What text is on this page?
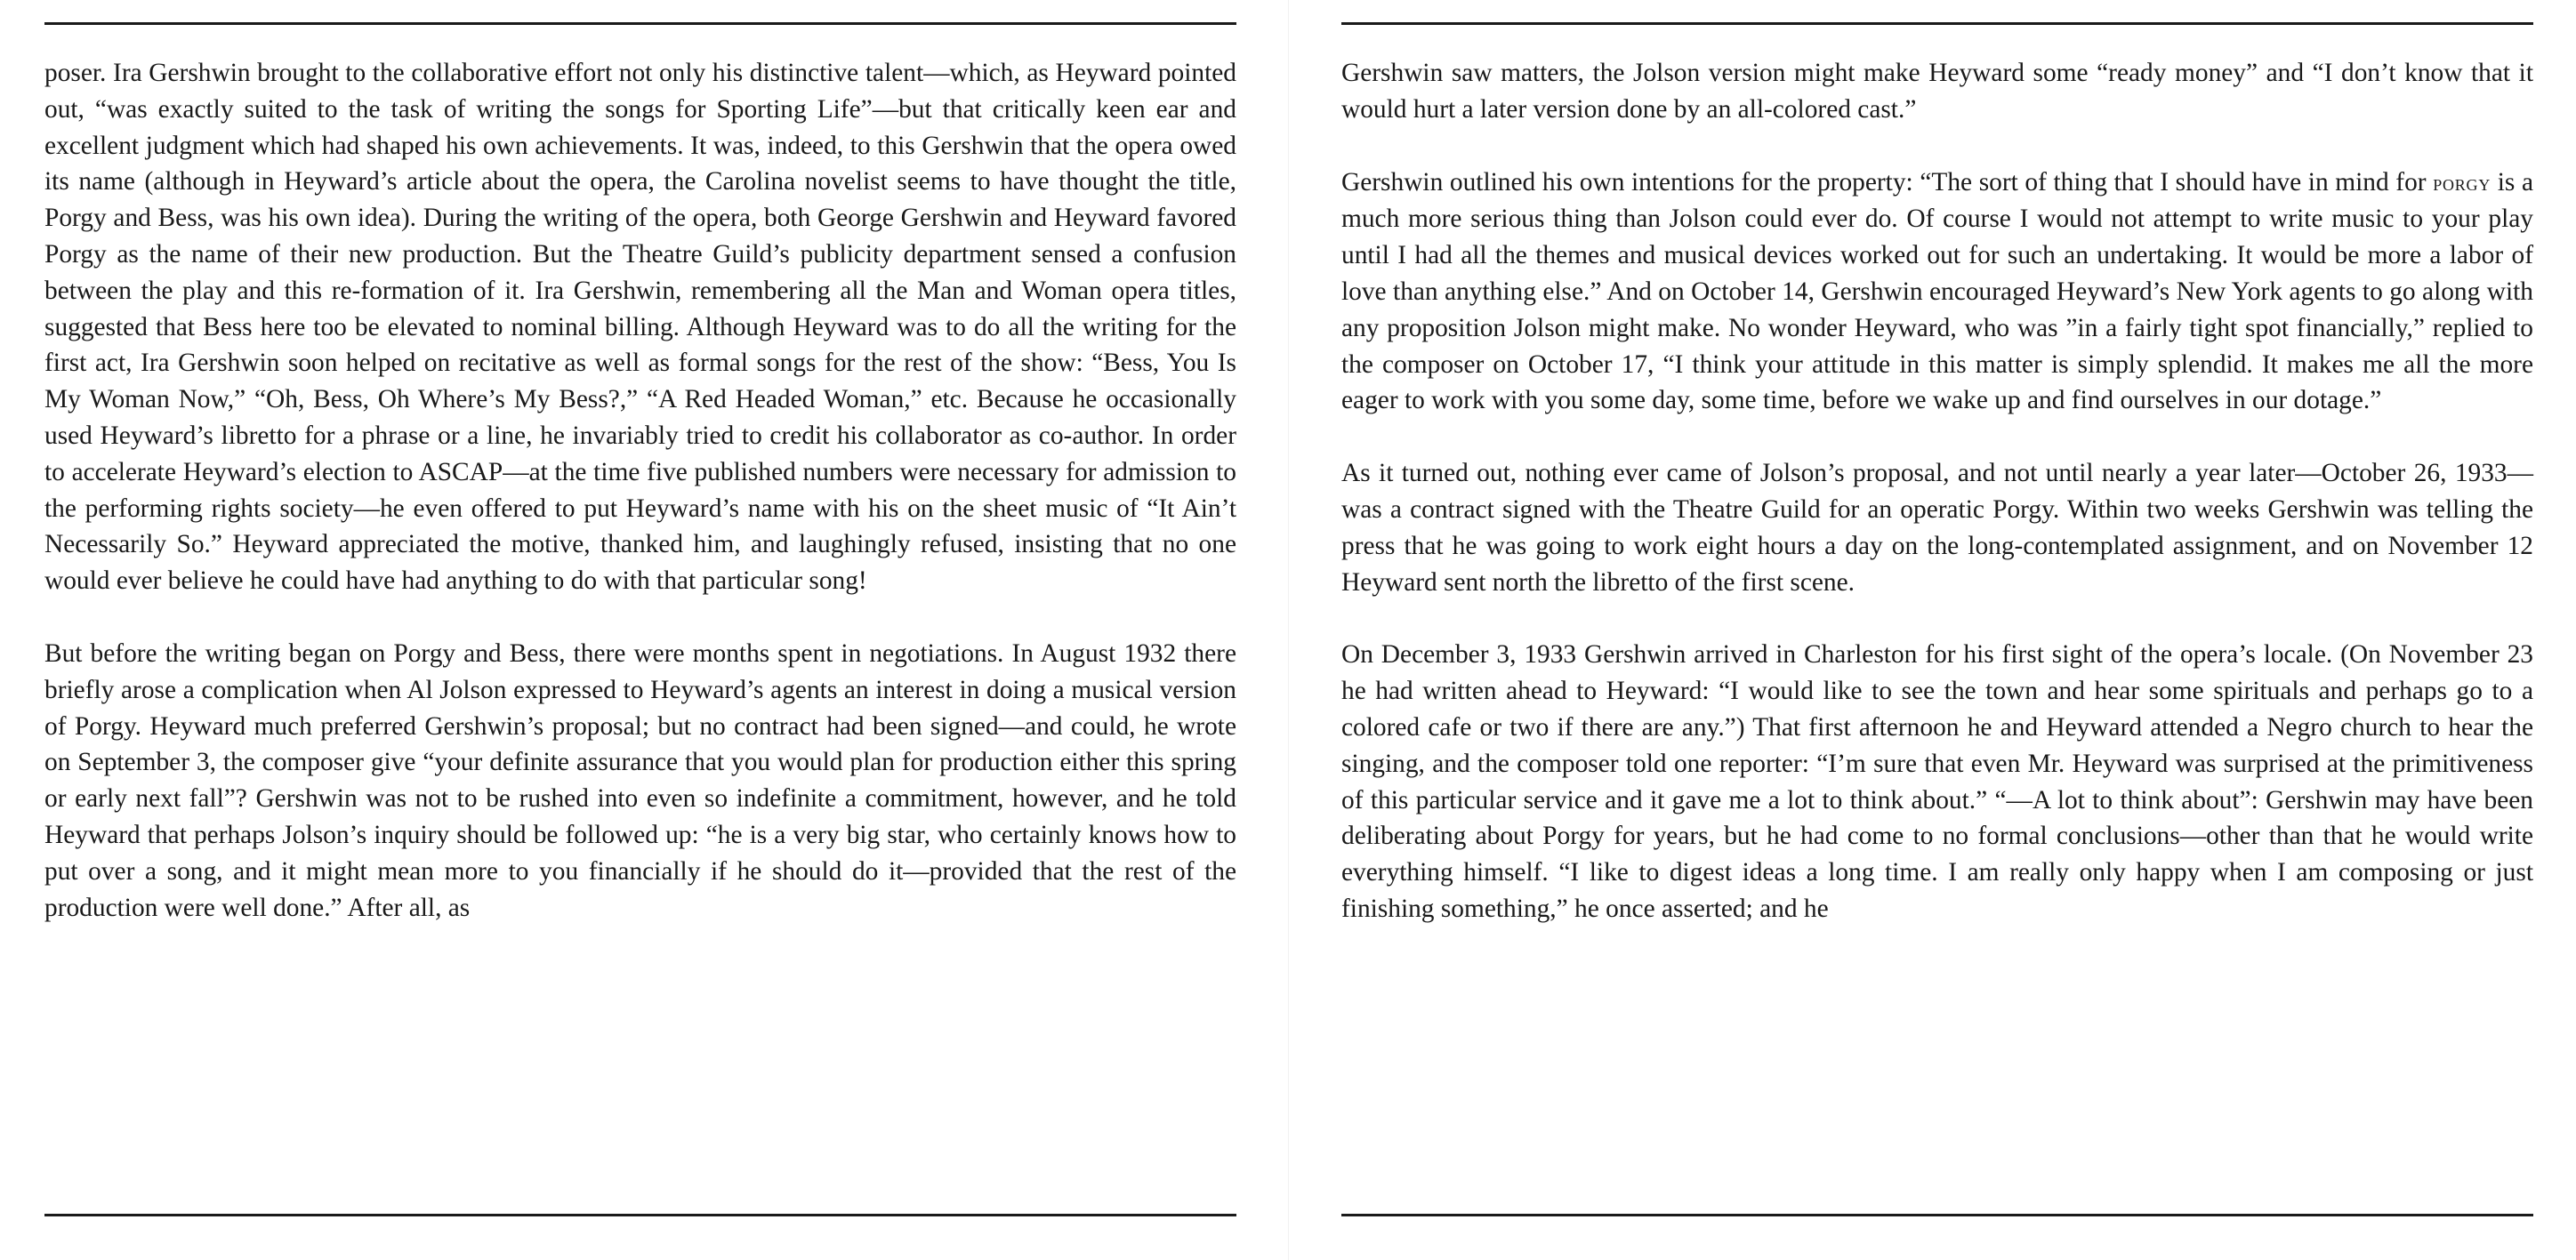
poser. Ira Gershwin brought to the collaborative effort not only his distinctive talent—which, as Heyward pointed out, “was exactly suited to the task of writing the songs for Sporting Life”—but that critically keen ear and excellent judgment which had shaped his own achievements. It was, indeed, to this Gershwin that the opera owed its name (although in Heyward’s article about the opera, the Carolina novelist seems to have thought the title, Porgy and Bess, was his own idea). During the writing of the opera, both George Gershwin and Heyward favored Porgy as the name of their new production. But the Theatre Guild’s publicity department sensed a confusion between the play and this re-formation of it. Ira Gershwin, remembering all the Man and Woman opera titles, suggested that Bess here too be elevated to nominal billing. Although Heyward was to do all the writing for the first act, Ira Gershwin soon helped on recitative as well as formal songs for the rest of the show: “Bess, You Is My Woman Now,” “Oh, Bess, Oh Where’s My Bess?,” “A Red Headed Woman,” etc. Because he occasionally used Heyward’s libretto for a phrase or a line, he invariably tried to credit his collaborator as co-author. In order to accelerate Heyward’s election to ASCAP—at the time five published numbers were necessary for admission to the performing rights society—he even offered to put Heyward’s name with his on the sheet music of “It Ain’t Necessarily So.” Heyward appreciated the motive, thanked him, and laughingly refused, insisting that no one would ever believe he could have had anything to do with that particular song!

But before the writing began on Porgy and Bess, there were months spent in negotiations. In August 1932 there briefly arose a complication when Al Jolson expressed to Heyward’s agents an interest in doing a musical version of Porgy. Heyward much preferred Gershwin’s proposal; but no contract had been signed—and could, he wrote on September 3, the composer give “your definite assurance that you would plan for production either this spring or early next fall”? Gershwin was not to be rushed into even so indefinite a commitment, however, and he told Heyward that perhaps Jolson’s inquiry should be followed up: “he is a very big star, who certainly knows how to put over a song, and it might mean more to you financially if he should do it—provided that the rest of the production were well done.” After all, as

Gershwin saw matters, the Jolson version might make Heyward some “ready money” and “I don’t know that it would hurt a later version done by an all-colored cast.”

Gershwin outlined his own intentions for the property: “The sort of thing that I should have in mind for porgy is a much more serious thing than Jolson could ever do. Of course I would not attempt to write music to your play until I had all the themes and musical devices worked out for such an undertaking. It would be more a labor of love than anything else.” And on October 14, Gershwin encouraged Heyward’s New York agents to go along with any proposition Jolson might make. No wonder Heyward, who was ”in a fairly tight spot financially,” replied to the composer on October 17, “I think your attitude in this matter is simply splendid. It makes me all the more eager to work with you some day, some time, before we wake up and find ourselves in our dotage.”

As it turned out, nothing ever came of Jolson’s proposal, and not until nearly a year later—October 26, 1933—was a contract signed with the Theatre Guild for an operatic Porgy. Within two weeks Gershwin was telling the press that he was going to work eight hours a day on the long-contemplated assignment, and on November 12 Heyward sent north the libretto of the first scene.

On December 3, 1933 Gershwin arrived in Charleston for his first sight of the opera’s locale. (On November 23 he had written ahead to Heyward: “I would like to see the town and hear some spirituals and perhaps go to a colored cafe or two if there are any.”) That first afternoon he and Heyward attended a Negro church to hear the singing, and the composer told one reporter: “I’m sure that even Mr. Heyward was surprised at the primitiveness of this particular service and it gave me a lot to think about.” “—A lot to think about”: Gershwin may have been deliberating about Porgy for years, but he had come to no formal conclusions—other than that he would write everything himself. “I like to digest ideas a long time. I am really only happy when I am composing or just finishing something,” he once asserted; and he
